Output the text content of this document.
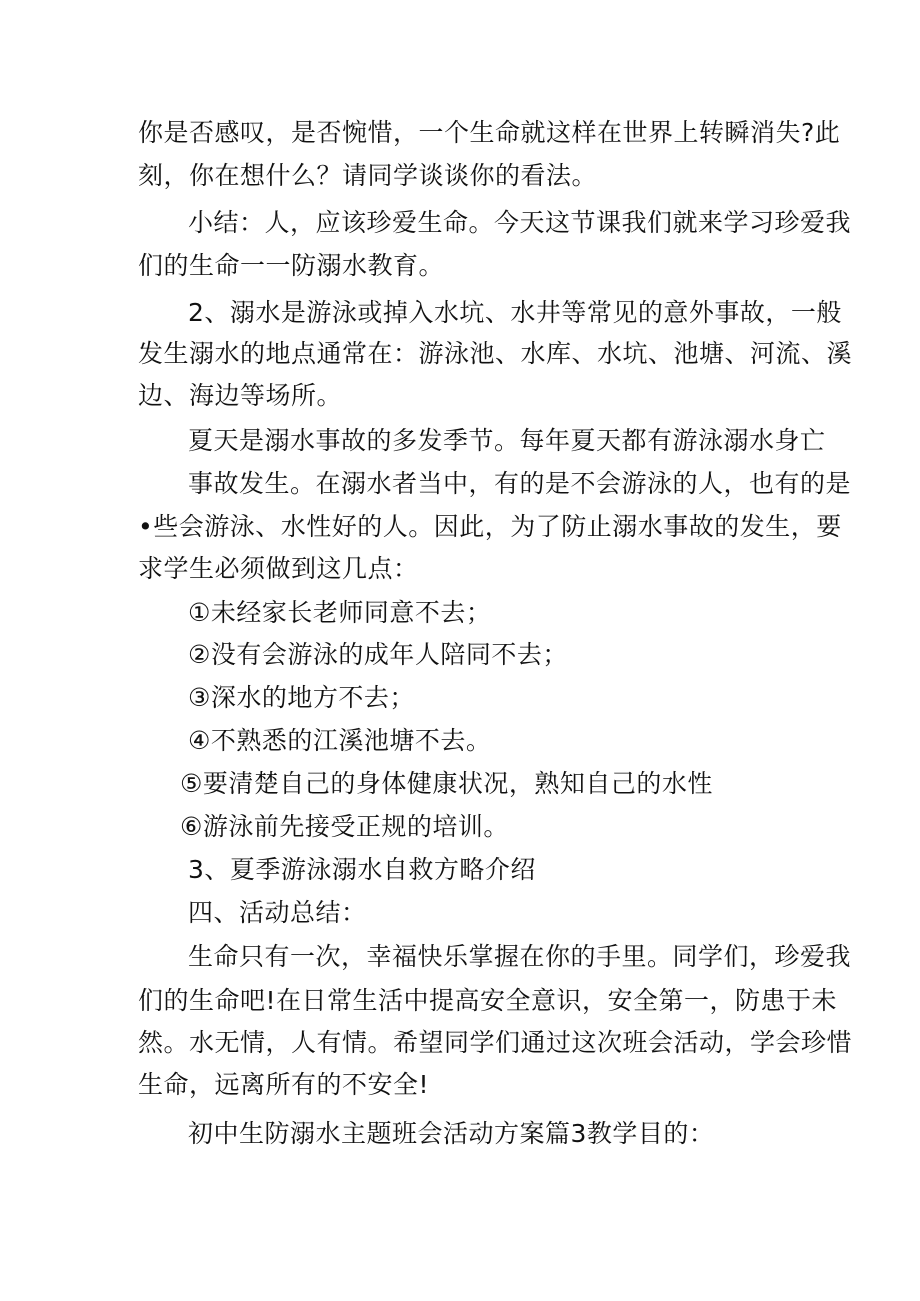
你是否感叹，是否惋惜，一个生命就这样在世界上转瞬消失?此
刻，你在想什么？请同学谈谈你的看法。
小结：人，应该珍爱生命。今天这节课我们就来学习珍爱我
们的生命一一防溺水教育。
2、溺水是游泳或掉入水坑、水井等常见的意外事故，一般
发生溺水的地点通常在：游泳池、水库、水坑、池塘、河流、溪
边、海边等场所。
夏天是溺水事故的多发季节。每年夏天都有游泳溺水身亡
事故发生。在溺水者当中，有的是不会游泳的人，也有的是
•些会游泳、水性好的人。因此，为了防止溺水事故的发生，要
求学生必须做到这几点：
①未经家长老师同意不去；
②没有会游泳的成年人陪同不去；
③深水的地方不去；
④不熟悉的江溪池塘不去。
⑤要清楚自己的身体健康状况，熟知自己的水性
⑥游泳前先接受正规的培训。
3、夏季游泳溺水自救方略介绍
四、活动总结：
生命只有一次，幸福快乐掌握在你的手里。同学们，珍爱我
们的生命吧!在日常生活中提高安全意识，安全第一，防患于未
然。水无情，人有情。希望同学们通过这次班会活动，学会珍惜
生命，远离所有的不安全!
初中生防溺水主题班会活动方案篇3教学目的：
